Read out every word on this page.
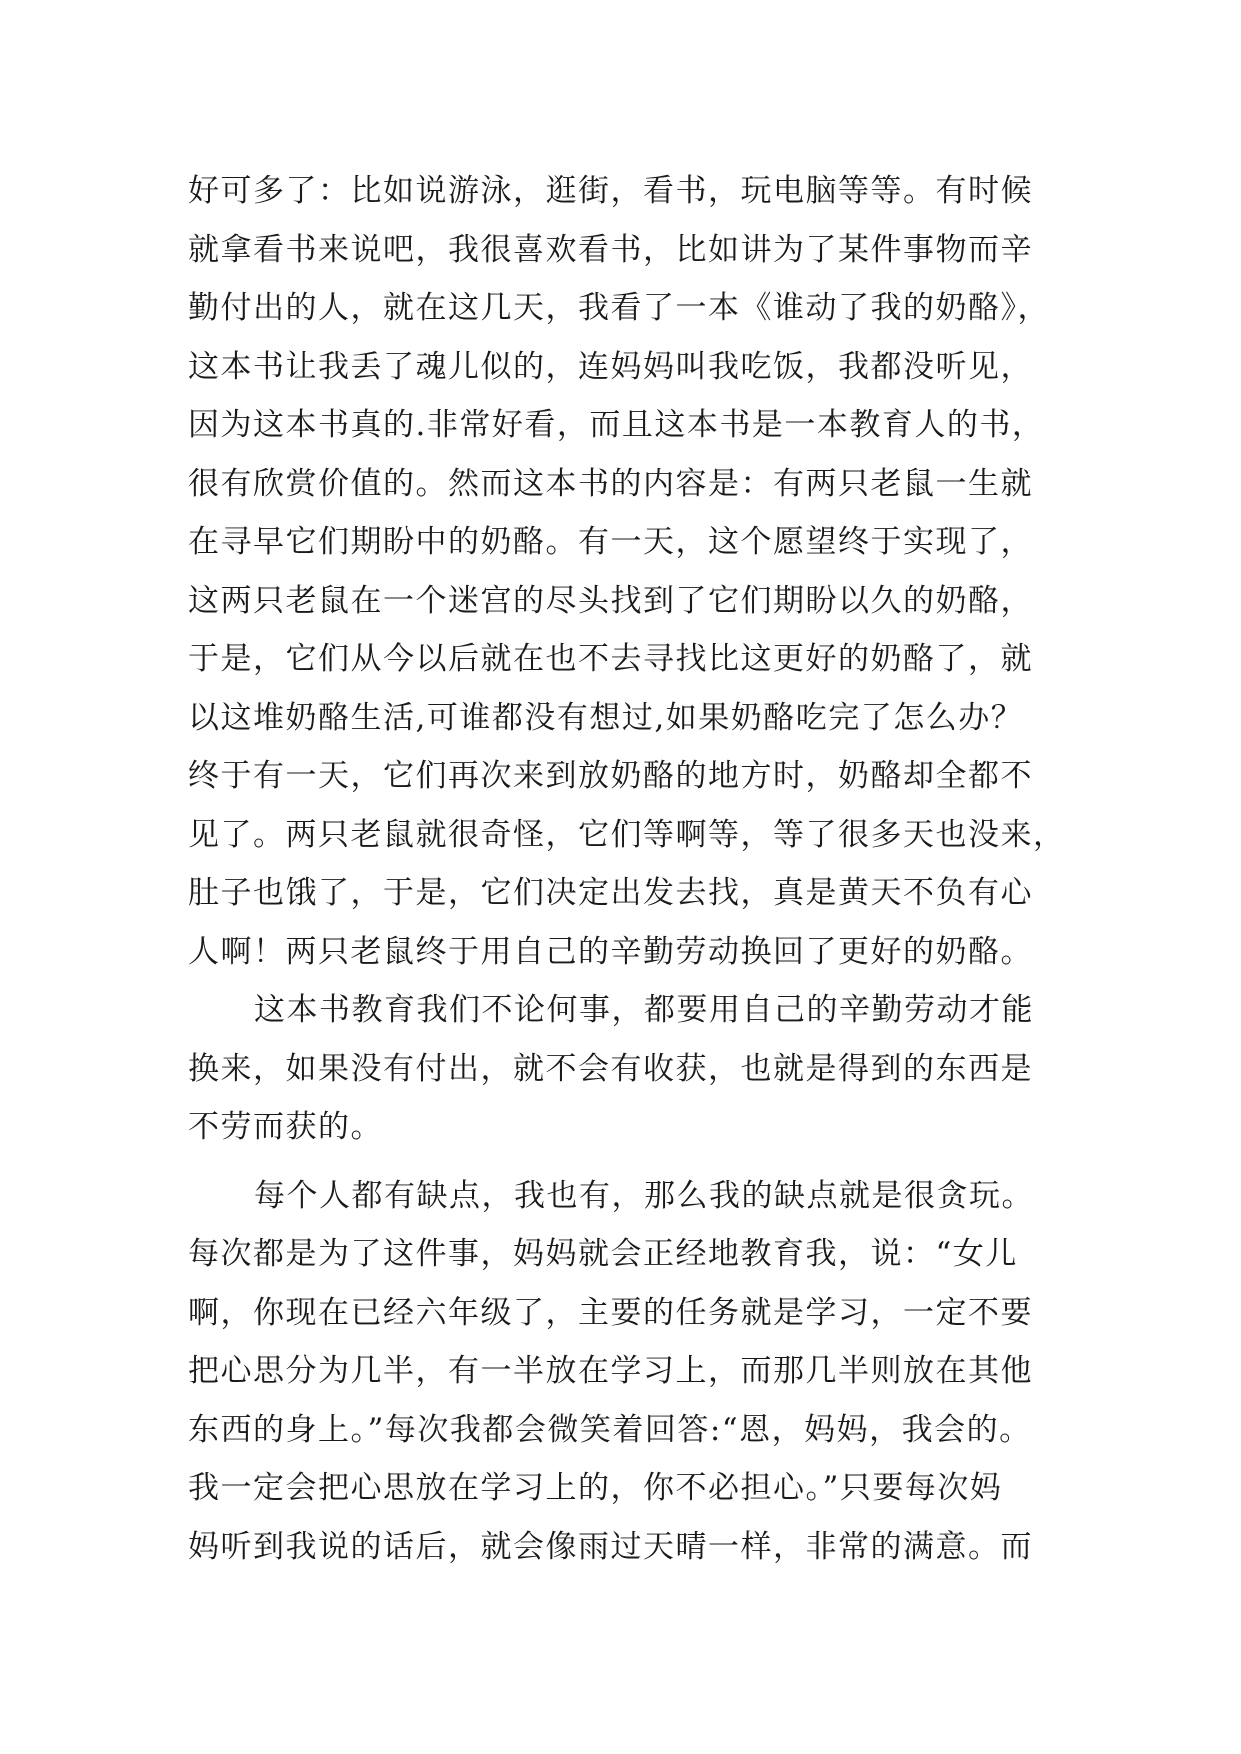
好可多了：比如说游泳，逛街，看书，玩电脑等等。有时候
就拿看书来说吧，我很喜欢看书，比如讲为了某件事物而辛
勤付出的人，就在这几天，我看了一本《谁动了我的奶酪》，
这本书让我丢了魂儿似的，连妈妈叫我吃饭，我都没听见，
因为这本书真的.非常好看，而且这本书是一本教育人的书，
很有欣赏价值的。然而这本书的内容是：有两只老鼠一生就
在寻早它们期盼中的奶酪。有一天，这个愿望终于实现了，
这两只老鼠在一个迷宫的尽头找到了它们期盼以久的奶酪，
于是，它们从今以后就在也不去寻找比这更好的奶酪了，就
以这堆奶酪生活,可谁都没有想过,如果奶酪吃完了怎么办？
终于有一天，它们再次来到放奶酪的地方时，奶酪却全都不
见了。两只老鼠就很奇怪，它们等啊等，等了很多天也没来，
肚子也饿了，于是，它们决定出发去找，真是黄天不负有心
人啊！两只老鼠终于用自己的辛勤劳动换回了更好的奶酪。
这本书教育我们不论何事，都要用自己的辛勤劳动才能
换来，如果没有付出，就不会有收获，也就是得到的东西是
不劳而获的。
每个人都有缺点，我也有，那么我的缺点就是很贪玩。
每次都是为了这件事，妈妈就会正经地教育我，说：“女儿
啊，你现在已经六年级了，主要的任务就是学习，一定不要
把心思分为几半，有一半放在学习上，而那几半则放在其他
东西的身上。”每次我都会微笑着回答:“恩，妈妈，我会的。
我一定会把心思放在学习上的，你不必担心。”只要每次妈
妈听到我说的话后，就会像雨过天晴一样，非常的满意。而
